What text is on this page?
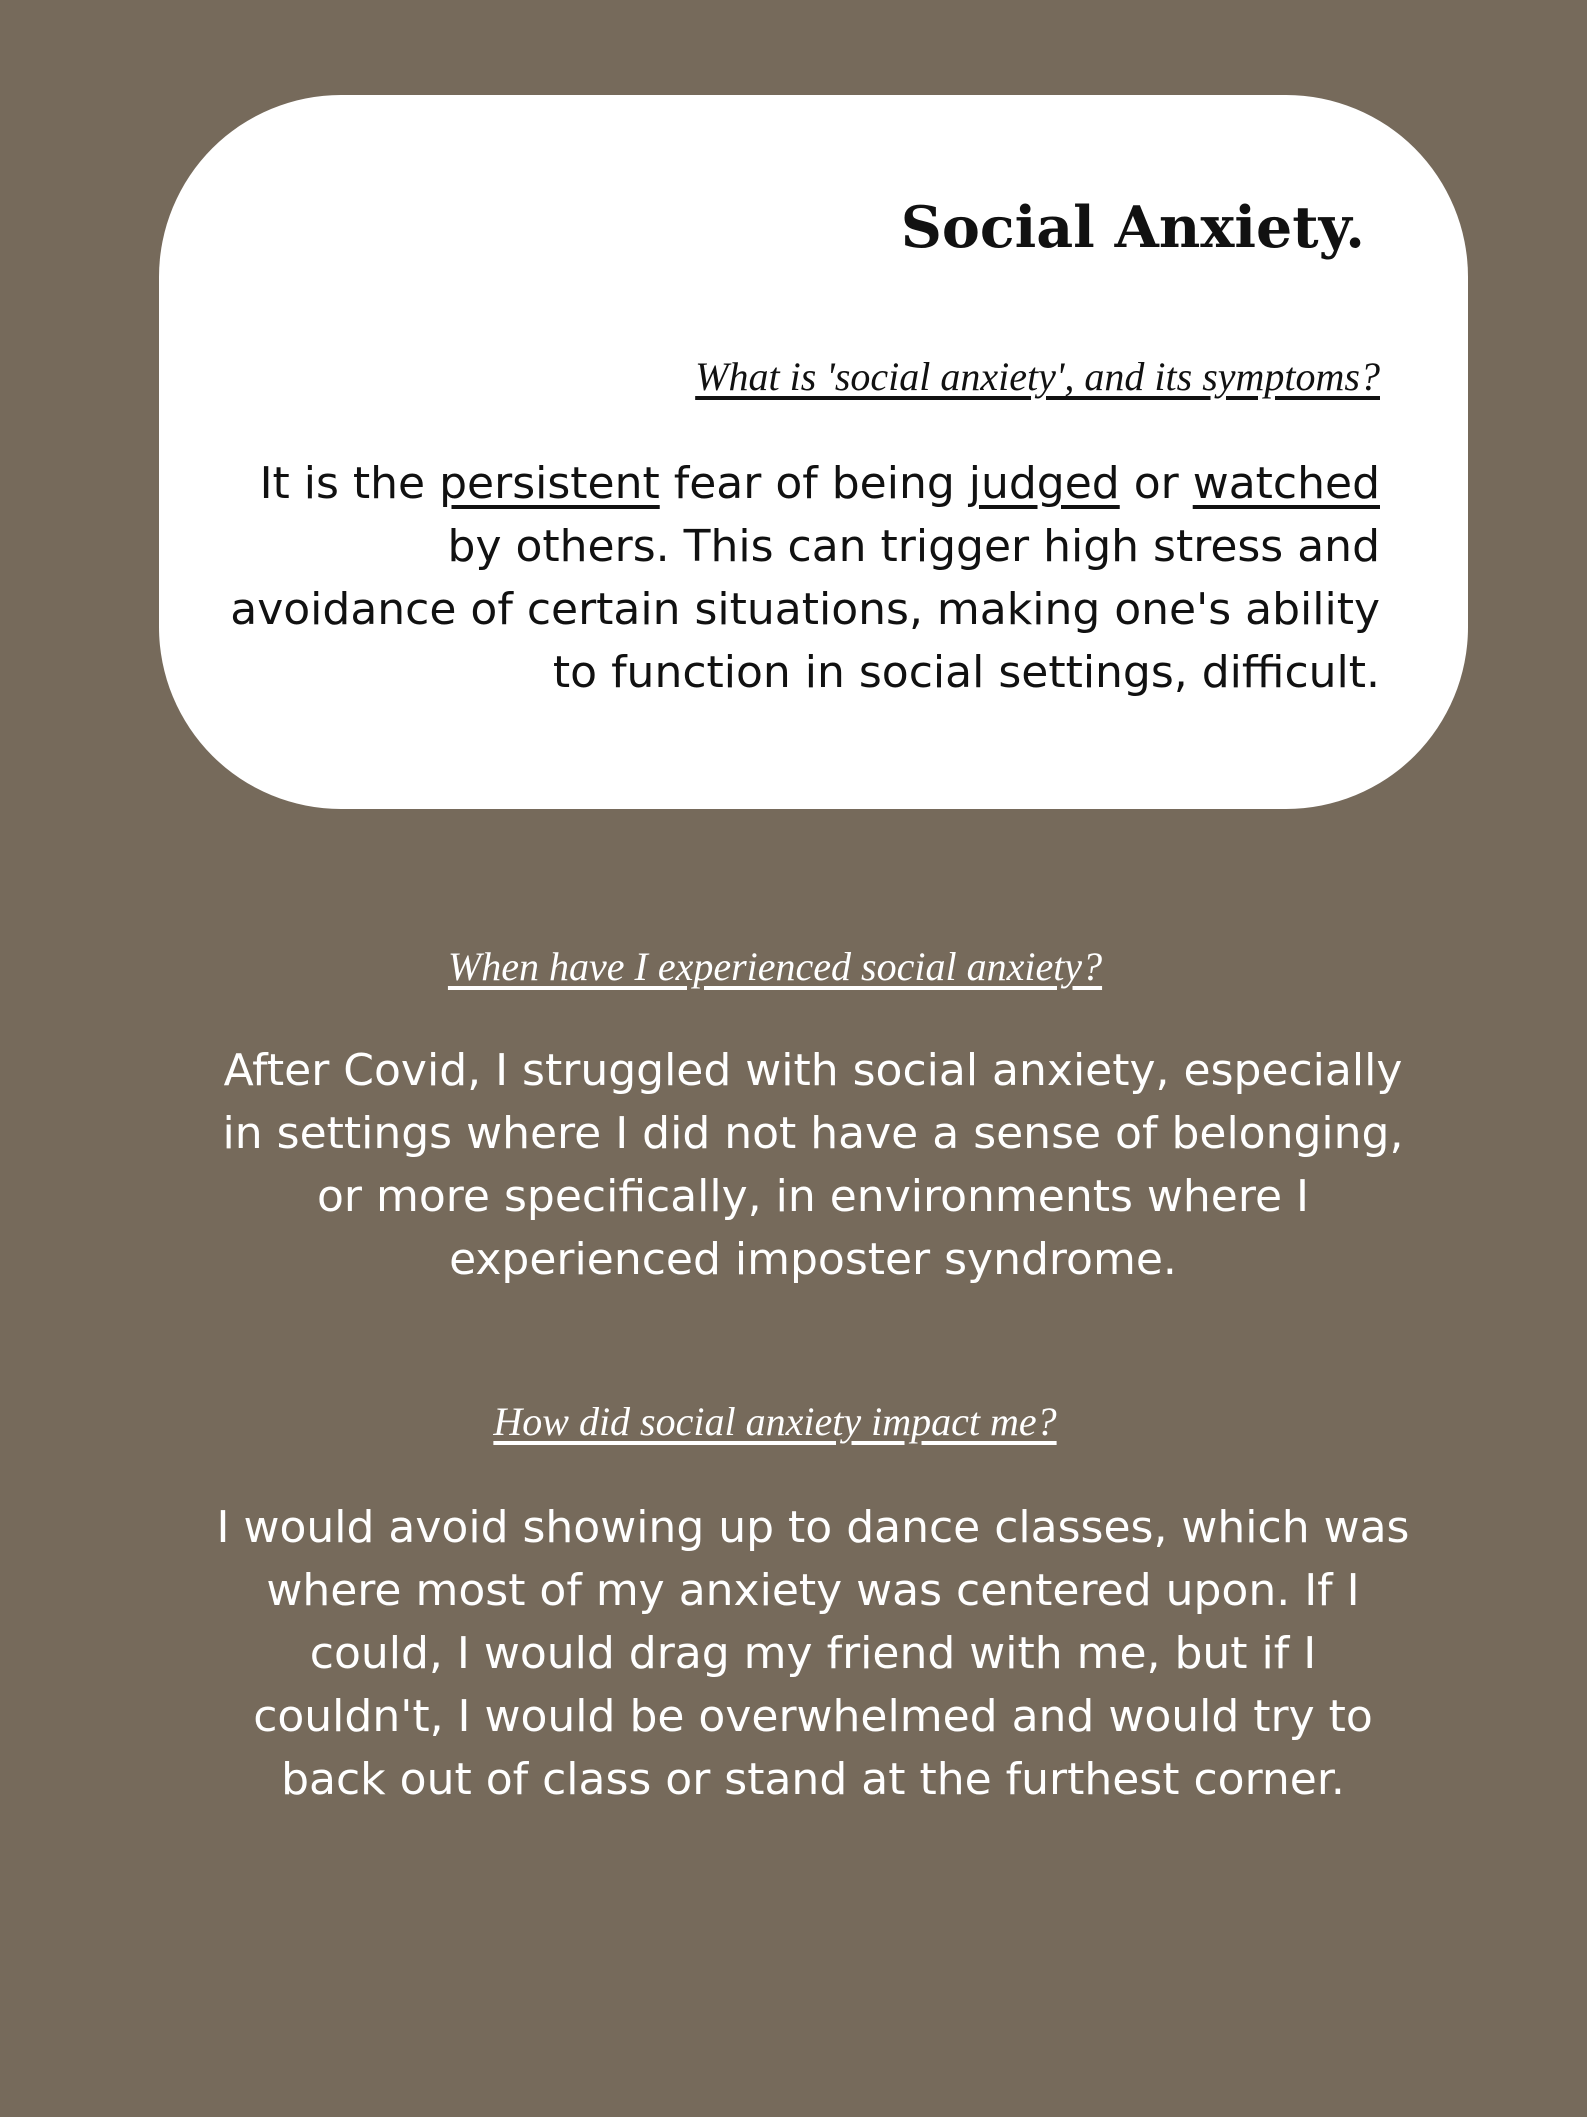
Social Anxiety.

What is 'social anxiety', and its symptoms?

It is the persistent fear of being judged or watched by others. This can trigger high stress and avoidance of certain situations, making one's ability to function in social settings, difficult.

When have I experienced social anxiety?

After Covid, I struggled with social anxiety, especially in settings where I did not have a sense of belonging, or more specifically, in environments where I experienced imposter syndrome.

How did social anxiety impact me?

I would avoid showing up to dance classes, which was where most of my anxiety was centered upon. If I could, I would drag my friend with me, but if I couldn't, I would be overwhelmed and would try to back out of class or stand at the furthest corner.
